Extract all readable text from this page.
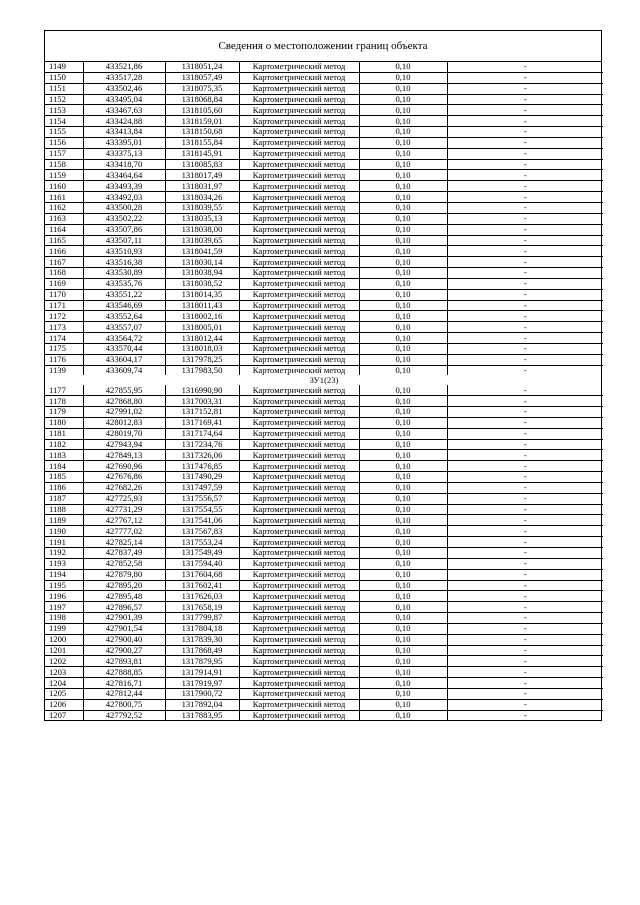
Сведения о местоположении границ объекта
1149	433521,86	1318051,24	Картометрический метод	0,10	-
1150	433517,28	1318057,49	Картометрический метод	0,10	-
1151	433502,46	1318075,35	Картометрический метод	0,10	-
1152	433495,04	1318068,84	Картометрический метод	0,10	-
1153	433467,63	1318105,60	Картометрический метод	0,10	-
1154	433424,88	1318159,01	Картометрический метод	0,10	-
1155	433413,84	1318150,68	Картометрический метод	0,10	-
1156	433395,01	1318155,84	Картометрический метод	0,10	-
1157	433375,13	1318145,91	Картометрический метод	0,10	-
1158	433418,70	1318085,83	Картометрический метод	0,10	-
1159	433464,64	1318017,49	Картометрический метод	0,10	-
1160	433493,39	1318031,97	Картометрический метод	0,10	-
1161	433492,03	1318034,26	Картометрический метод	0,10	-
1162	433500,28	1318039,55	Картометрический метод	0,10	-
1163	433502,22	1318035,13	Картометрический метод	0,10	-
1164	433507,86	1318038,00	Картометрический метод	0,10	-
1165	433507,11	1318039,65	Картометрический метод	0,10	-
1166	433510,93	1318041,59	Картометрический метод	0,10	-
1167	433516,38	1318030,14	Картометрический метод	0,10	-
1168	433530,89	1318038,94	Картометрический метод	0,10	-
1169	433535,76	1318038,52	Картометрический метод	0,10	-
1170	433551,22	1318014,35	Картометрический метод	0,10	-
1171	433546,69	1318011,43	Картометрический метод	0,10	-
1172	433552,64	1318002,16	Картометрический метод	0,10	-
1173	433557,07	1318005,01	Картометрический метод	0,10	-
1174	433564,72	1318012,44	Картометрический метод	0,10	-
1175	433570,44	1318018,03	Картометрический метод	0,10	-
1176	433604,17	1317978,25	Картометрический метод	0,10	-
1139	433609,74	1317983,50	Картометрический метод	0,10	-
ЗУ1(23)					
1177	427855,95	1316990,90	Картометрический метод	0,10	-
1178	427868,80	1317003,31	Картометрический метод	0,10	-
1179	427991,02	1317152,81	Картометрический метод	0,10	-
1180	428012,83	1317169,41	Картометрический метод	0,10	-
1181	428019,70	1317174,64	Картометрический метод	0,10	-
1182	427943,94	1317234,76	Картометрический метод	0,10	-
1183	427849,13	1317326,06	Картометрический метод	0,10	-
1184	427690,96	1317476,85	Картометрический метод	0,10	-
1185	427676,86	1317490,29	Картометрический метод	0,10	-
1186	427682,26	1317497,59	Картометрический метод	0,10	-
1187	427725,93	1317556,57	Картометрический метод	0,10	-
1188	427731,29	1317554,55	Картометрический метод	0,10	-
1189	427767,12	1317541,06	Картометрический метод	0,10	-
1190	427777,02	1317567,83	Картометрический метод	0,10	-
1191	427825,14	1317553,24	Картометрический метод	0,10	-
1192	427837,49	1317549,49	Картометрический метод	0,10	-
1193	427852,58	1317594,40	Картометрический метод	0,10	-
1194	427879,80	1317604,68	Картометрический метод	0,10	-
1195	427895,20	1317602,41	Картометрический метод	0,10	-
1196	427895,48	1317626,03	Картометрический метод	0,10	-
1197	427896,57	1317658,19	Картометрический метод	0,10	-
1198	427901,39	1317799,87	Картометрический метод	0,10	-
1199	427901,54	1317804,18	Картометрический метод	0,10	-
1200	427900,40	1317839,30	Картометрический метод	0,10	-
1201	427900,27	1317868,49	Картометрический метод	0,10	-
1202	427893,81	1317879,95	Картометрический метод	0,10	-
1203	427888,85	1317914,91	Картометрический метод	0,10	-
1204	427816,71	1317919,97	Картометрический метод	0,10	-
1205	427812,44	1317900,72	Картометрический метод	0,10	-
1206	427800,75	1317892,04	Картометрический метод	0,10	-
1207	427792,52	1317883,95	Картометрический метод	0,10	-
